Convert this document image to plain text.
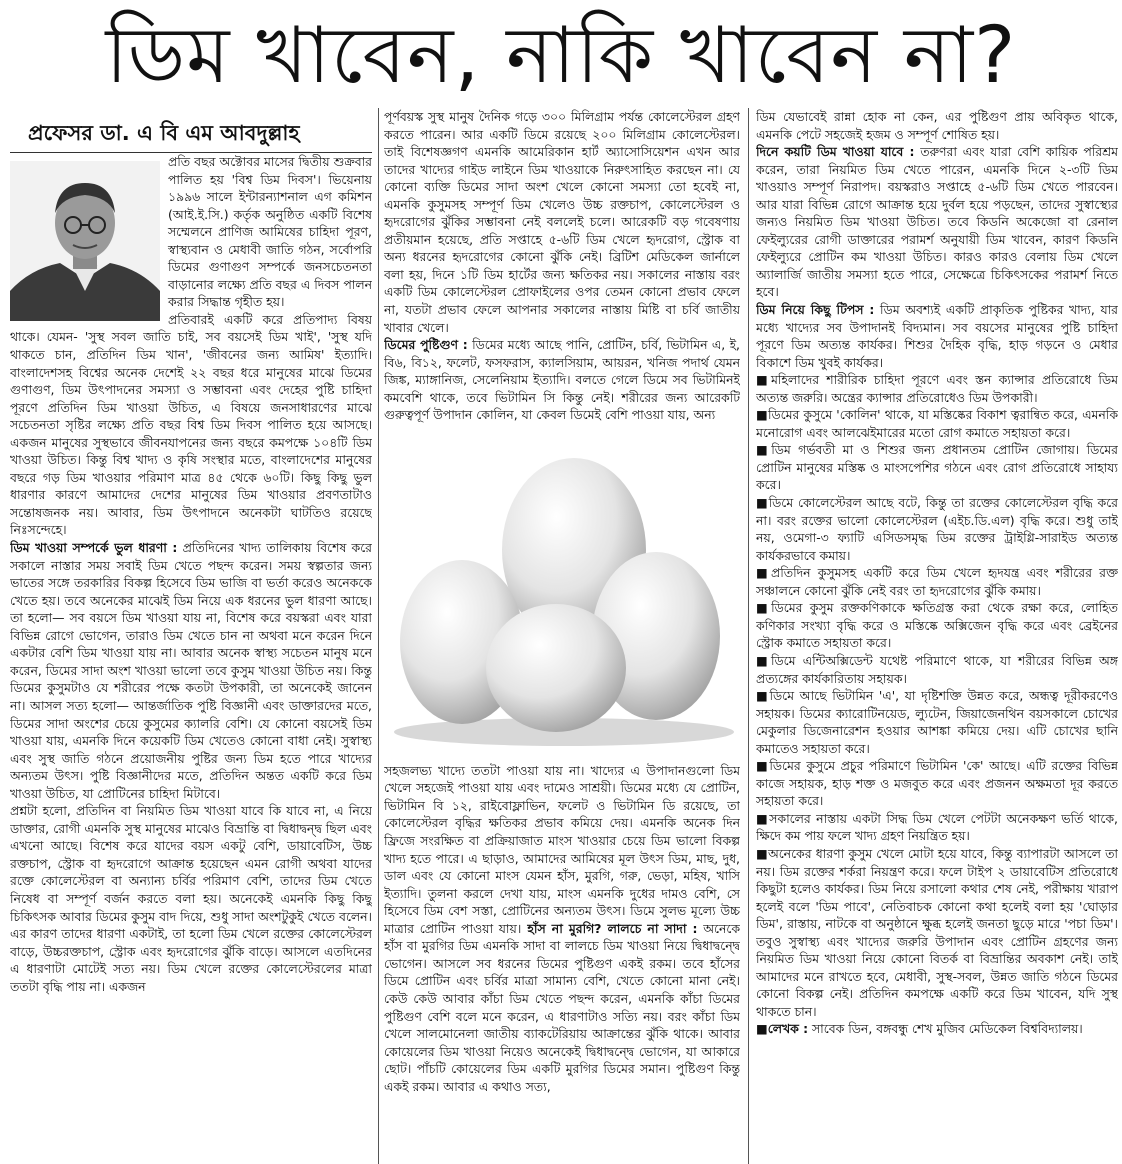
ডিম খাবেন, নাকি খাবেন না?
প্রফেসর ডা. এ বি এম আবদুল্লাহ

প্রতি বছর অক্টোবর মাসের দ্বিতীয় শুক্রবার পালিত হয় 'বিশ্ব ডিম দিবস'। ভিয়েনায় ১৯৯৬ সালে ইন্টারন্যাশনাল এগ কমিশন (আই.ই.সি.) কর্তৃক অনুষ্ঠিত একটি বিশেষ সম্মেলনে প্রাণিজ আমিষের চাহিদা পূরণ, স্বাস্থ্যবান ও মেধাবী জাতি গঠন, সর্বোপরি ডিমের গুণাগুণ সম্পর্কে জনসচেতনতা বাড়ানোর লক্ষ্যে প্রতি বছর এ দিবস পালন করার সিদ্ধান্ত গৃহীত হয়।

প্রতিবারই একটি করে প্রতিপাদ্য বিষয় থাকে। যেমন- 'সুস্থ সবল জাতি চাই, সব বয়সেই ডিম খাই', 'সুস্থ যদি থাকতে চান, প্রতিদিন ডিম খান', 'জীবনের জন্য আমিষ' ইত্যাদি। বাংলাদেশসহ বিশ্বের অনেক দেশেই ২২ বছর ধরে মানুষের মাঝে ডিমের গুণাগুণ, ডিম উৎপাদনের সমস্যা ও সম্ভাবনা এবং দেহের পুষ্টি চাহিদা পূরণে প্রতিদিন ডিম খাওয়া উচিত, এ বিষয়ে জনসাধারণের মাঝে সচেতনতা সৃষ্টির লক্ষ্যে প্রতি বছর বিশ্ব ডিম দিবস পালিত হয়ে আসছে। একজন মানুষের সুস্থভাবে জীবনযাপনের জন্য বছরে কমপক্ষে ১০৪টি ডিম খাওয়া উচিত। কিন্তু বিশ্ব খাদ্য ও কৃষি সংস্থার মতে, বাংলাদেশের মানুষের বছরে গড় ডিম খাওয়ার পরিমাণ মাত্র ৪৫ থেকে ৬০টি। কিছু কিছু ভুল ধারণার কারণে আমাদের দেশের মানুষের ডিম খাওয়ার প্রবণতাটাও সন্তোষজনক নয়। আবার, ডিম উৎপাদনে অনেকটা ঘাটতিও রয়েছে নিঃসন্দেহে।

ডিম খাওয়া সম্পর্কে ভুল ধারণা : প্রতিদিনের খাদ্য তালিকায় বিশেষ করে সকালে নাস্তার সময় সবাই ডিম খেতে পছন্দ করেন। সময় স্বল্পতার জন্য ভাতের সঙ্গে তরকারির বিকল্প হিসেবে ডিম ভাজি বা ভর্তা করেও অনেককে খেতে হয়। তবে অনেকের মাঝেই ডিম নিয়ে এক ধরনের ভুল ধারণা আছে। তা হলো— সব বয়সে ডিম খাওয়া যায় না, বিশেষ করে বয়স্করা এবং যারা বিভিন্ন রোগে ভোগেন, তারাও ডিম খেতে চান না অথবা মনে করেন দিনে একটার বেশি ডিম খাওয়া যায় না। আবার অনেক স্বাস্থ্য সচেতন মানুষ মনে করেন, ডিমের সাদা অংশ খাওয়া ভালো তবে কুসুম খাওয়া উচিত নয়। কিন্তু ডিমের কুসুমটাও যে শরীরের পক্ষে কতটা উপকারী, তা অনেকেই জানেন না। আসল সত্য হলো— আন্তর্জাতিক পুষ্টি বিজ্ঞানী এবং ডাক্তারদের মতে, ডিমের সাদা অংশের চেয়ে কুসুমের ক্যালরি বেশি। যে কোনো বয়সেই ডিম খাওয়া যায়, এমনকি দিনে কয়েকটি ডিম খেতেও কোনো বাধা নেই। সুস্বাস্থ্য এবং সুস্থ জাতি গঠনে প্রয়োজনীয় পুষ্টির জন্য ডিম হতে পারে খাদ্যের অন্যতম উৎস। পুষ্টি বিজ্ঞানীদের মতে, প্রতিদিন অন্তত একটি করে ডিম খাওয়া উচিত, যা প্রোটিনের চাহিদা মিটাবে।

প্রশ্নটা হলো, প্রতিদিন বা নিয়মিত ডিম খাওয়া যাবে কি যাবে না, এ নিয়ে ডাক্তার, রোগী এমনকি সুস্থ মানুষের মাঝেও বিভ্রান্তি বা দ্বিধাদ্বন্দ্ব ছিল এবং এখনো আছে। বিশেষ করে যাদের বয়স একটু বেশি, ডায়াবেটিস, উচ্চ রক্তচাপ, স্ট্রোক বা হৃদরোগে আক্রান্ত হয়েছেন এমন রোগী অথবা যাদের রক্তে কোলেস্টেরল বা অন্যান্য চর্বির পরিমাণ বেশি, তাদের ডিম খেতে নিষেধ বা সম্পূর্ণ বর্জন করতে বলা হয়। অনেকেই এমনকি কিছু কিছু চিকিৎসক আবার ডিমের কুসুম বাদ দিয়ে, শুধু সাদা অংশটুকুই খেতে বলেন। এর কারণ তাদের ধারণা একটাই, তা হলো ডিম খেলে রক্তের কোলেস্টেরল বাড়ে, উচ্চরক্তচাপ, স্ট্রোক এবং হৃদরোগের ঝুঁকি বাড়ে। আসলে এতদিনের এ ধারণাটা মোটেই সত্য নয়। ডিম খেলে রক্তের কোলেস্টেরলের মাত্রা ততটা বৃদ্ধি পায় না। একজন

পূর্ণবয়স্ক সুস্থ মানুষ দৈনিক গড়ে ৩০০ মিলিগ্রাম পর্যন্ত কোলেস্টেরল গ্রহণ করতে পারেন। আর একটি ডিমে রয়েছে ২০০ মিলিগ্রাম কোলেস্টেরল। তাই বিশেষজ্ঞগণ এমনকি আমেরিকান হার্ট অ্যাসোসিয়েশন এখন আর তাদের খাদ্যের গাইড লাইনে ডিম খাওয়াকে নিরুৎসাহিত করছেন না। যে কোনো ব্যক্তি ডিমের সাদা অংশ খেলে কোনো সমস্যা তো হবেই না, এমনকি কুসুমসহ সম্পূর্ণ ডিম খেলেও উচ্চ রক্তচাপ, কোলেস্টেরল ও হৃদরোগের ঝুঁকির সম্ভাবনা নেই বললেই চলে। আরেকটি বড় গবেষণায় প্রতীয়মান হয়েছে, প্রতি সপ্তাহে ৫-৬টি ডিম খেলে হৃদরোগ, স্ট্রোক বা অন্য ধরনের হৃদরোগের কোনো ঝুঁকি নেই। ব্রিটিশ মেডিকেল জার্নালে বলা হয়, দিনে ১টি ডিম হার্টের জন্য ক্ষতিকর নয়। সকালের নাস্তায় বরং একটি ডিম কোলেস্টেরল প্রোফাইলের ওপর তেমন কোনো প্রভাব ফেলে না, যতটা প্রভাব ফেলে আপনার সকালের নাস্তায় মিষ্টি বা চর্বি জাতীয় খাবার খেলে।

ডিমের পুষ্টিগুণ : ডিমের মধ্যে আছে পানি, প্রোটিন, চর্বি, ভিটামিন এ, ই, বি৬, বি১২, ফলেট, ফসফরাস, ক্যালসিয়াম, আয়রন, খনিজ পদার্থ যেমন জিঙ্ক, ম্যাঙ্গানিজ, সেলেনিয়াম ইত্যাদি। বলতে গেলে ডিমে সব ভিটামিনই কমবেশি থাকে, তবে ভিটামিন সি কিন্তু নেই। শরীরের জন্য আরেকটি গুরুত্বপূর্ণ উপাদান কোলিন, যা কেবল ডিমেই বেশি পাওয়া যায়, অন্য

সহজলভ্য খাদ্যে ততটা পাওয়া যায় না। খাদ্যের এ উপাদানগুলো ডিম খেলে সহজেই পাওয়া যায় এবং দামেও সাশ্রয়ী। ডিমের মধ্যে যে প্রোটিন, ভিটামিন বি ১২, রাইবোফ্লাভিন, ফলেট ও ভিটামিন ডি রয়েছে, তা কোলেস্টেরল বৃদ্ধির ক্ষতিকর প্রভাব কমিয়ে দেয়। এমনকি অনেক দিন ফ্রিজে সংরক্ষিত বা প্রক্রিয়াজাত মাংস খাওয়ার চেয়ে ডিম ভালো বিকল্প খাদ্য হতে পারে। এ ছাড়াও, আমাদের আমিষের মূল উৎস ডিম, মাছ, দুধ, ডাল এবং যে কোনো মাংস যেমন হাঁস, মুরগি, গরু, ভেড়া, মহিষ, খাসি ইত্যাদি। তুলনা করলে দেখা যায়, মাংস এমনকি দুধের দামও বেশি, সে হিসেবে ডিম বেশ সস্তা, প্রোটিনের অন্যতম উৎস। ডিমে সুলভ মূল্যে উচ্চ মাত্রার প্রোটিন পাওয়া যায়। হাঁস না মুরগি? লালচে না সাদা : অনেকে হাঁস বা মুরগির ডিম এমনকি সাদা বা লালচে ডিম খাওয়া নিয়ে দ্বিধাদ্বন্দ্বে ভোগেন। আসলে সব ধরনের ডিমের পুষ্টিগুণ একই রকম। তবে হাঁসের ডিমে প্রোটিন এবং চর্বির মাত্রা সামান্য বেশি, খেতে কোনো মানা নেই। কেউ কেউ আবার কাঁচা ডিম খেতে পছন্দ করেন, এমনকি কাঁচা ডিমের পুষ্টিগুণ বেশি বলে মনে করেন, এ ধারণাটাও সত্যি নয়। বরং কাঁচা ডিম খেলে সালমোনেলা জাতীয় ব্যাকটেরিয়ায় আক্রান্তের ঝুঁকি থাকে। আবার কোয়েলের ডিম খাওয়া নিয়েও অনেকেই দ্বিধাদ্বন্দ্বে ভোগেন, যা আকারে ছোট। পাঁচটি কোয়েলের ডিম একটি মুরগির ডিমের সমান। পুষ্টিগুণ কিন্তু একই রকম। আবার এ কথাও সত্য,

ডিম যেভাবেই রান্না হোক না কেন, এর পুষ্টিগুণ প্রায় অবিকৃত থাকে, এমনকি পেটে সহজেই হজম ও সম্পূর্ণ শোষিত হয়।

দিনে কয়টি ডিম খাওয়া যাবে : তরুণরা এবং যারা বেশি কায়িক পরিশ্রম করেন, তারা নিয়মিত ডিম খেতে পারেন, এমনকি দিনে ২-৩টি ডিম খাওয়াও সম্পূর্ণ নিরাপদ। বয়স্করাও সপ্তাহে ৫-৬টি ডিম খেতে পারবেন। আর যারা বিভিন্ন রোগে আক্রান্ত হয়ে দুর্বল হয়ে পড়ছেন, তাদের সুস্বাস্থ্যের জন্যও নিয়মিত ডিম খাওয়া উচিত। তবে কিডনি অকেজো বা রেনাল ফেইল্যুরের রোগী ডাক্তারের পরামর্শ অনুযায়ী ডিম খাবেন, কারণ কিডনি ফেইল্যুরে প্রোটিন কম খাওয়া উচিত। কারও কারও বেলায় ডিম খেলে অ্যালার্জি জাতীয় সমস্যা হতে পারে, সেক্ষেত্রে চিকিৎসকের পরামর্শ নিতে হবে।

ডিম নিয়ে কিছু টিপস : ডিম অবশ্যই একটি প্রাকৃতিক পুষ্টিকর খাদ্য, যার মধ্যে খাদ্যের সব উপাদানই বিদ্যমান। সব বয়সের মানুষের পুষ্টি চাহিদা পূরণে ডিম অত্যন্ত কার্যকর। শিশুর দৈহিক বৃদ্ধি, হাড় গড়নে ও মেধার বিকাশে ডিম খুবই কার্যকর।

■ মহিলাদের শারীরিক চাহিদা পূরণে এবং স্তন ক্যান্সার প্রতিরোধে ডিম অত্যন্ত জরুরি। অন্ত্রের ক্যান্সার প্রতিরোধেও ডিম উপকারী।

■ ডিমের কুসুমে 'কোলিন' থাকে, যা মস্তিষ্কের বিকাশ ত্বরান্বিত করে, এমনকি মনোরোগ এবং আলঝেইমারের মতো রোগ কমাতে সহায়তা করে।

■ ডিম গর্ভবতী মা ও শিশুর জন্য প্রধানতম প্রোটিন জোগায়। ডিমের প্রোটিন মানুষের মস্তিষ্ক ও মাংসপেশির গঠনে এবং রোগ প্রতিরোধে সাহায্য করে।

■ ডিমে কোলেস্টেরল আছে বটে, কিন্তু তা রক্তের কোলেস্টেরল বৃদ্ধি করে না। বরং রক্তের ভালো কোলেস্টেরল (এইচ.ডি.এল) বৃদ্ধি করে। শুধু তাই নয়, ওমেগা-৩ ফ্যাটি এসিডসমৃদ্ধ ডিম রক্তের ট্রাইগ্লি-সারাইড অত্যন্ত কার্যকরভাবে কমায়।

■ প্রতিদিন কুসুমসহ একটি করে ডিম খেলে হৃদযন্ত্র এবং শরীরের রক্ত সঞ্চালনে কোনো ঝুঁকি নেই বরং তা হৃদরোগের ঝুঁকি কমায়।

■ ডিমের কুসুম রক্তকণিকাকে ক্ষতিগ্রস্ত করা থেকে রক্ষা করে, লোহিত কণিকার সংখ্যা বৃদ্ধি করে ও মস্তিষ্কে অক্সিজেন বৃদ্ধি করে এবং ব্রেইনের স্ট্রোক কমাতে সহায়তা করে।

■ ডিমে এন্টিঅক্সিডেন্ট যথেষ্ট পরিমাণে থাকে, যা শরীরের বিভিন্ন অঙ্গ প্রত্যঙ্গের কার্যকারিতায় সহায়ক।

■ ডিমে আছে ভিটামিন 'এ', যা দৃষ্টিশক্তি উন্নত করে, অন্ধত্ব দূরীকরণেও সহায়ক। ডিমের ক্যারোটিনয়েড, ল্যুটেন, জিয়াজেনথিন বয়সকালে চোখের মেকুলার ডিজেনারেশন হওয়ার আশঙ্কা কমিয়ে দেয়। এটি চোখের ছানি কমাতেও সহায়তা করে।

■ ডিমের কুসুমে প্রচুর পরিমাণে ভিটামিন 'কে' আছে। এটি রক্তের বিভিন্ন কাজে সহায়ক, হাড় শক্ত ও মজবুত করে এবং প্রজনন অক্ষমতা দূর করতে সহায়তা করে।

■ সকালের নাস্তায় একটা সিদ্ধ ডিম খেলে পেটটা অনেকক্ষণ ভর্তি থাকে, ক্ষিদে কম পায় ফলে খাদ্য গ্রহণ নিয়ন্ত্রিত হয়।

■ অনেকের ধারণা কুসুম খেলে মোটা হয়ে যাবে, কিন্তু ব্যাপারটা আসলে তা নয়। ডিম রক্তের শর্করা নিয়ন্ত্রণ করে। ফলে টাইপ ২ ডায়াবেটিস প্রতিরোধে কিছুটা হলেও কার্যকর। ডিম নিয়ে রসালো কথার শেষ নেই, পরীক্ষায় খারাপ হলেই বলে 'ডিম পাবে', নেতিবাচক কোনো কথা হলেই বলা হয় 'ঘোড়ার ডিম', রাস্তায়, নাটকে বা অনুষ্ঠানে ক্ষুব্ধ হলেই জনতা ছুড়ে মারে 'পচা ডিম'। তবুও সুস্বাস্থ্য এবং খাদ্যের জরুরি উপাদান এবং প্রোটিন গ্রহণের জন্য নিয়মিত ডিম খাওয়া নিয়ে কোনো বিতর্ক বা বিভ্রান্তির অবকাশ নেই। তাই আমাদের মনে রাখতে হবে, মেধাবী, সুস্থ-সবল, উন্নত জাতি গঠনে ডিমের কোনো বিকল্প নেই। প্রতিদিন কমপক্ষে একটি করে ডিম খাবেন, যদি সুস্থ থাকতে চান।

■ লেখক : সাবেক ডিন, বঙ্গবন্ধু শেখ মুজিব মেডিকেল বিশ্ববিদ্যালয়।
